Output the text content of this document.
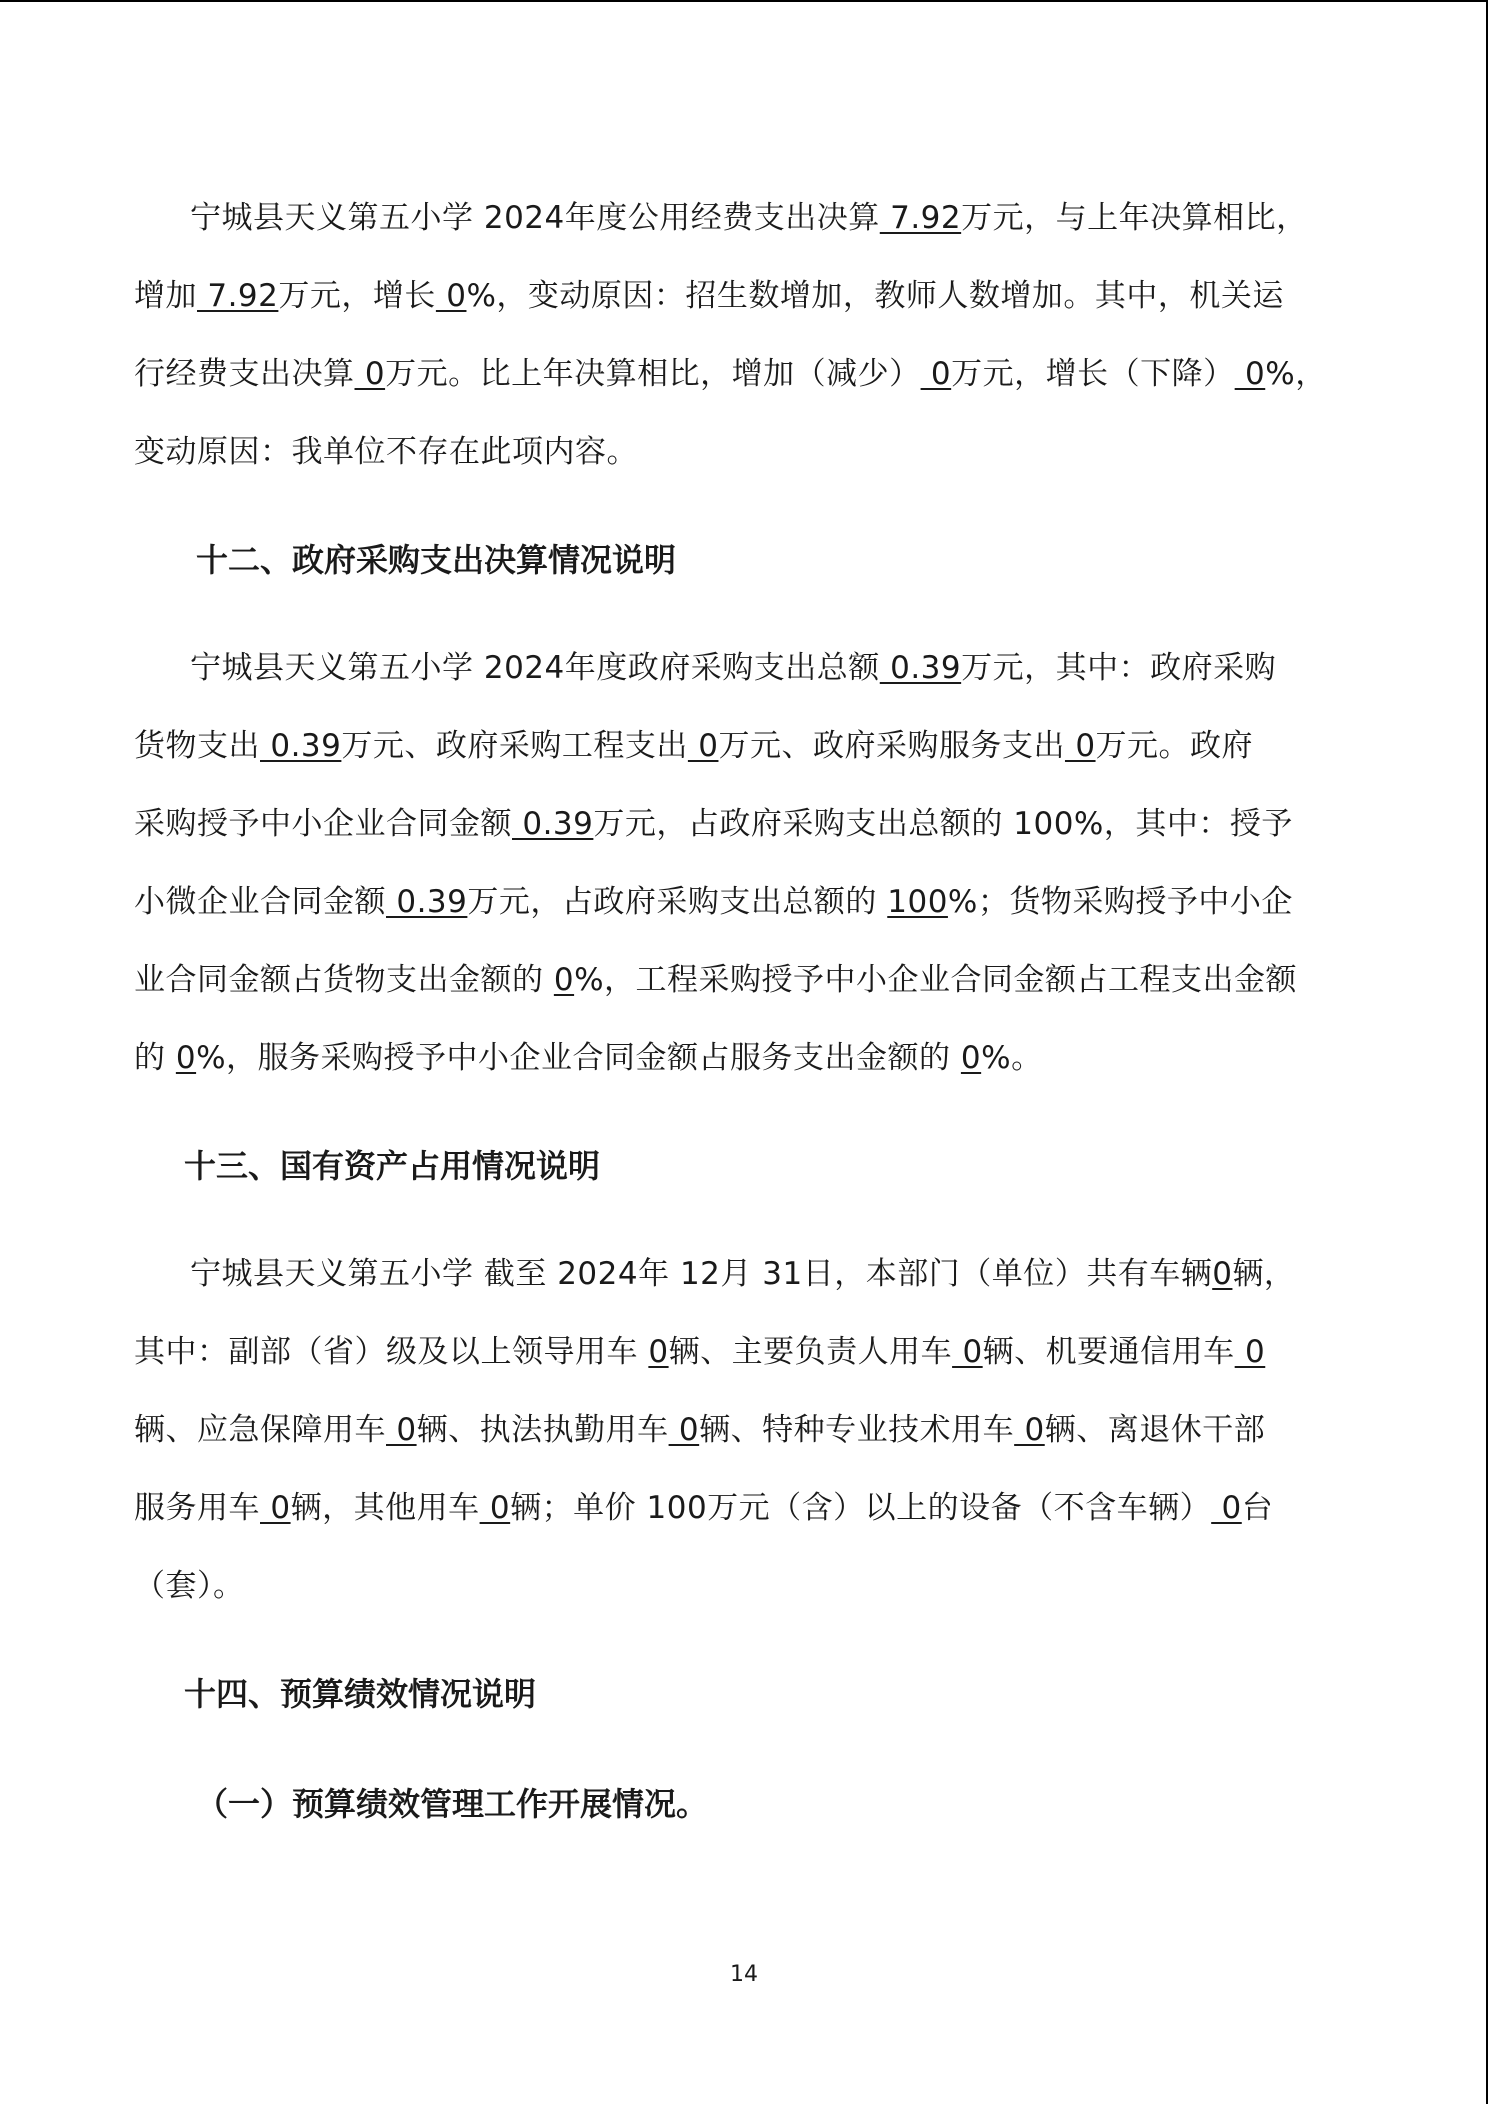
宁城县天义第五小学 2024年度公用经费支出决算 7.92万元，与上年决算相比，
增加 7.92万元，增长 0%，变动原因：招生数增加，教师人数增加。其中，机关运
行经费支出决算 0万元。比上年决算相比，增加（减少） 0万元，增长（下降） 0%，
变动原因：我单位不存在此项内容。
十二、政府采购支出决算情况说明
宁城县天义第五小学 2024年度政府采购支出总额 0.39万元，其中：政府采购
货物支出 0.39万元、政府采购工程支出 0万元、政府采购服务支出 0万元。政府
采购授予中小企业合同金额 0.39万元，占政府采购支出总额的 100%，其中：授予
小微企业合同金额 0.39万元，占政府采购支出总额的 100%；货物采购授予中小企
业合同金额占货物支出金额的 0%，工程采购授予中小企业合同金额占工程支出金额
的 0%，服务采购授予中小企业合同金额占服务支出金额的 0%。
十三、国有资产占用情况说明
宁城县天义第五小学 截至 2024年 12月 31日，本部门（单位）共有车辆0辆，
其中：副部（省）级及以上领导用车 0辆、主要负责人用车 0辆、机要通信用车 0
辆、应急保障用车 0辆、执法执勤用车 0辆、特种专业技术用车 0辆、离退休干部
服务用车 0辆，其他用车 0辆；单价 100万元（含）以上的设备（不含车辆） 0台
（套）。
十四、预算绩效情况说明
（一）预算绩效管理工作开展情况。
14
